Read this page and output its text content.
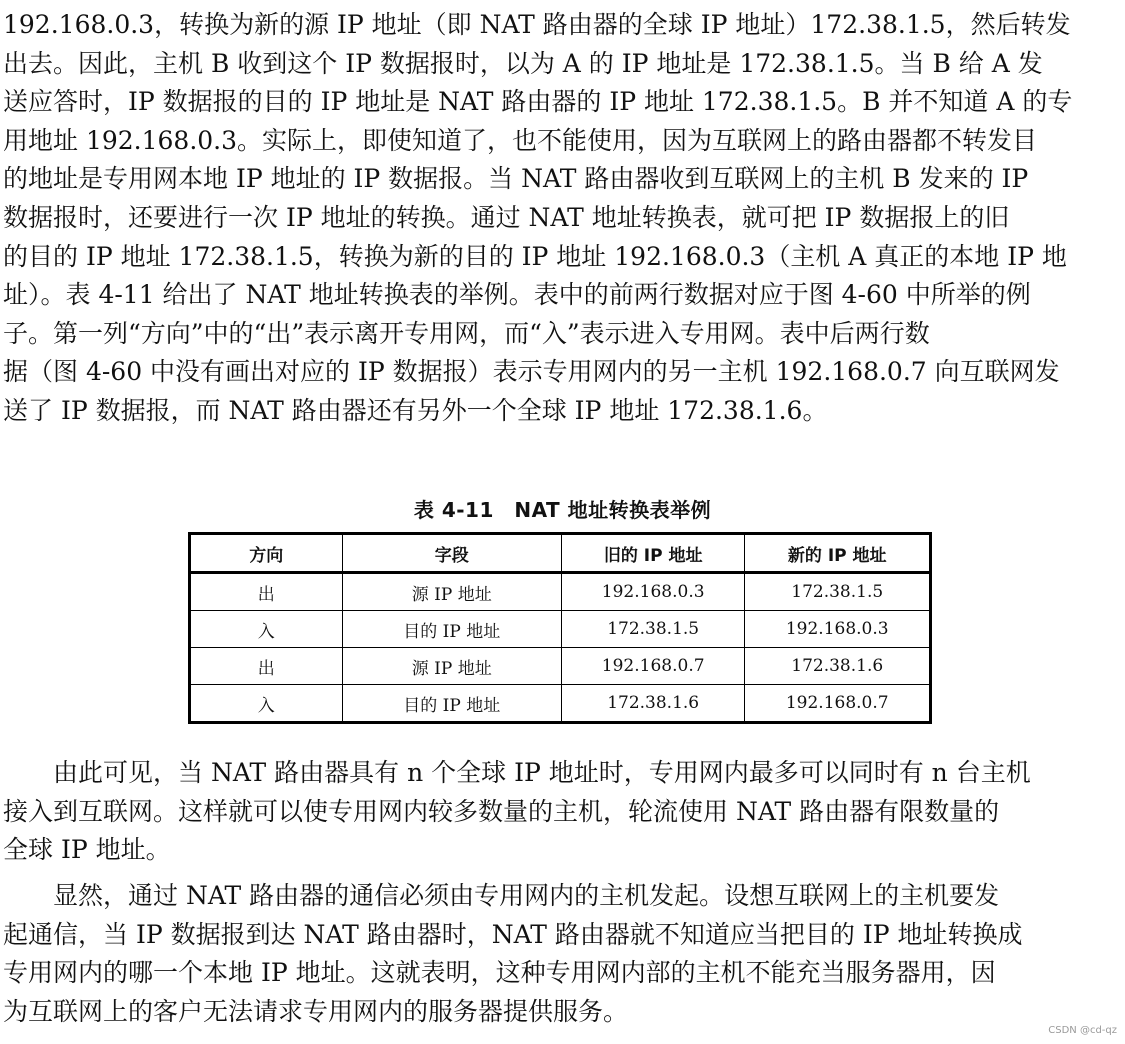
192.168.0.3，转换为新的源 IP 地址（即 NAT 路由器的全球 IP 地址）172.38.1.5，然后转发
出去。因此，主机 B 收到这个 IP 数据报时，以为 A 的 IP 地址是 172.38.1.5。当 B 给 A 发
送应答时，IP 数据报的目的 IP 地址是 NAT 路由器的 IP 地址 172.38.1.5。B 并不知道 A 的专
用地址 192.168.0.3。实际上，即使知道了，也不能使用，因为互联网上的路由器都不转发目
的地址是专用网本地 IP 地址的 IP 数据报。当 NAT 路由器收到互联网上的主机 B 发来的 IP
数据报时，还要进行一次 IP 地址的转换。通过 NAT 地址转换表，就可把 IP 数据报上的旧
的目的 IP 地址 172.38.1.5，转换为新的目的 IP 地址 192.168.0.3（主机 A 真正的本地 IP 地
址）。表 4-11 给出了 NAT 地址转换表的举例。表中的前两行数据对应于图 4-60 中所举的例
子。第一列“方向”中的“出”表示离开专用网，而“入”表示进入专用网。表中后两行数
据（图 4-60 中没有画出对应的 IP 数据报）表示专用网内的另一主机 192.168.0.7 向互联网发
送了 IP 数据报，而 NAT 路由器还有另外一个全球 IP 地址 172.38.1.6。
表 4-11　NAT 地址转换表举例
方向	字段	旧的 IP 地址	新的 IP 地址
出	源 IP 地址	192.168.0.3	172.38.1.5
入	目的 IP 地址	172.38.1.5	192.168.0.3
出	源 IP 地址	192.168.0.7	172.38.1.6
入	目的 IP 地址	172.38.1.6	192.168.0.7
　　由此可见，当 NAT 路由器具有 n 个全球 IP 地址时，专用网内最多可以同时有 n 台主机
接入到互联网。这样就可以使专用网内较多数量的主机，轮流使用 NAT 路由器有限数量的
全球 IP 地址。
　　显然，通过 NAT 路由器的通信必须由专用网内的主机发起。设想互联网上的主机要发
起通信，当 IP 数据报到达 NAT 路由器时，NAT 路由器就不知道应当把目的 IP 地址转换成
专用网内的哪一个本地 IP 地址。这就表明，这种专用网内部的主机不能充当服务器用，因
为互联网上的客户无法请求专用网内的服务器提供服务。
CSDN @cd-qz
